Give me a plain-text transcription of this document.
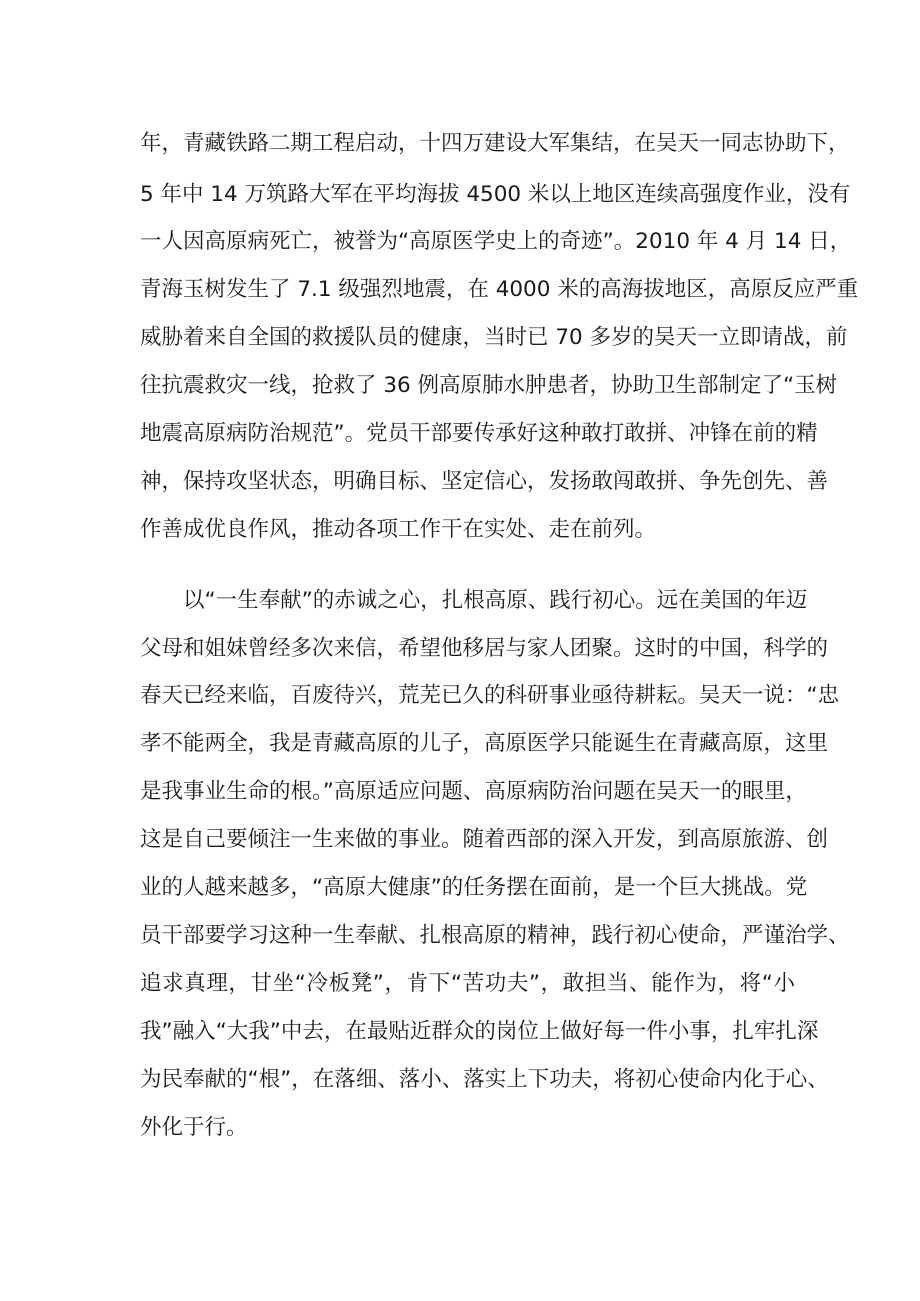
年，青藏铁路二期工程启动，十四万建设大军集结，在吴天一同志协助下，
5 年中 14 万筑路大军在平均海拔 4500 米以上地区连续高强度作业，没有
一人因高原病死亡，被誉为“高原医学史上的奇迹”。2010 年 4 月 14 日，
青海玉树发生了 7.1 级强烈地震，在 4000 米的高海拔地区，高原反应严重
威胁着来自全国的救援队员的健康，当时已 70 多岁的吴天一立即请战，前
往抗震救灾一线，抢救了 36 例高原肺水肿患者，协助卫生部制定了“玉树
地震高原病防治规范”。党员干部要传承好这种敢打敢拼、冲锋在前的精
神，保持攻坚状态，明确目标、坚定信心，发扬敢闯敢拼、争先创先、善
作善成优良作风，推动各项工作干在实处、走在前列。
以“一生奉献”的赤诚之心，扎根高原、践行初心。远在美国的年迈
父母和姐妹曾经多次来信，希望他移居与家人团聚。这时的中国，科学的
春天已经来临，百废待兴，荒芜已久的科研事业亟待耕耘。吴天一说：“忠
孝不能两全，我是青藏高原的儿子，高原医学只能诞生在青藏高原，这里
是我事业生命的根。”高原适应问题、高原病防治问题在吴天一的眼里，
这是自己要倾注一生来做的事业。随着西部的深入开发，到高原旅游、创
业的人越来越多，“高原大健康”的任务摆在面前，是一个巨大挑战。党
员干部要学习这种一生奉献、扎根高原的精神，践行初心使命，严谨治学、
追求真理，甘坐“冷板凳”，肯下“苦功夫”，敢担当、能作为，将“小
我”融入“大我”中去，在最贴近群众的岗位上做好每一件小事，扎牢扎深
为民奉献的“根”，在落细、落小、落实上下功夫，将初心使命内化于心、
外化于行。
